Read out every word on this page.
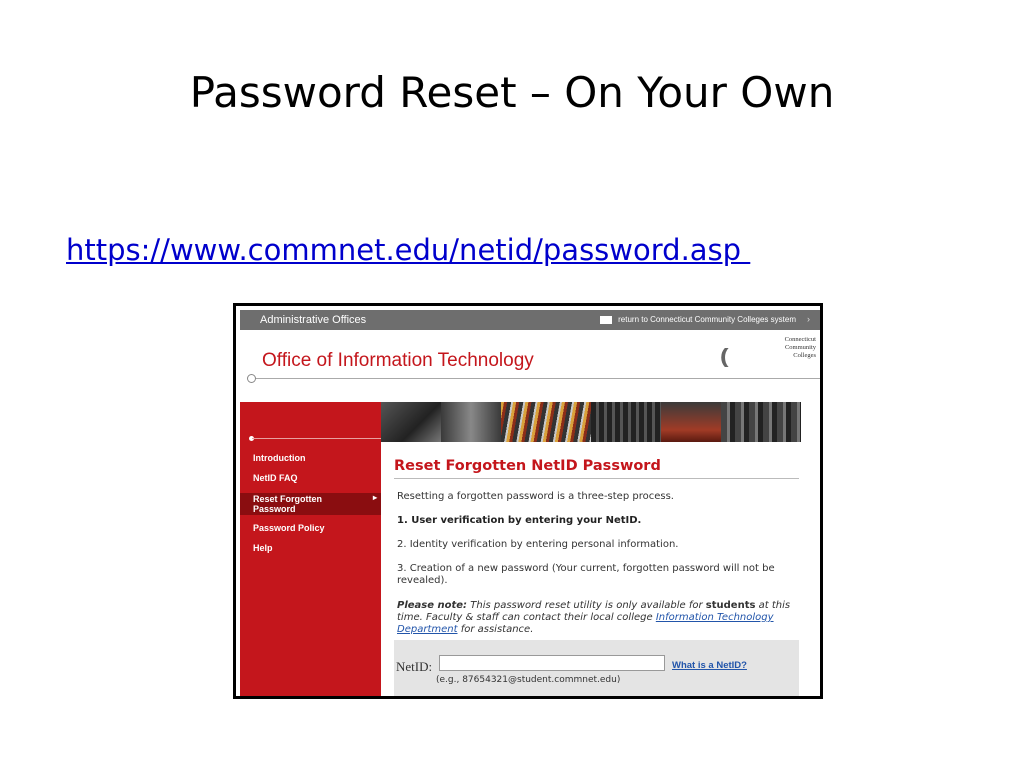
Password Reset – On Your Own
https://www.commnet.edu/netid/password.asp
Administrative Offices	return to Connecticut Community Colleges system ›
Office of Information Technology	((((
Connecticut
Community
Colleges
Introduction
NetID FAQ
Reset Forgotten Password
▸
Password Policy
Help
Reset Forgotten NetID Password
Resetting a forgotten password is a three-step process.
1. User verification by entering your NetID.
2. Identity verification by entering personal information.
3. Creation of a new password (Your current, forgotten password will not be revealed).
Please note: This password reset utility is only available for students at this time. Faculty & staff can contact their local college Information Technology Department for assistance.
NetID:	What is a NetID?
(e.g., 87654321@student.commnet.edu)
